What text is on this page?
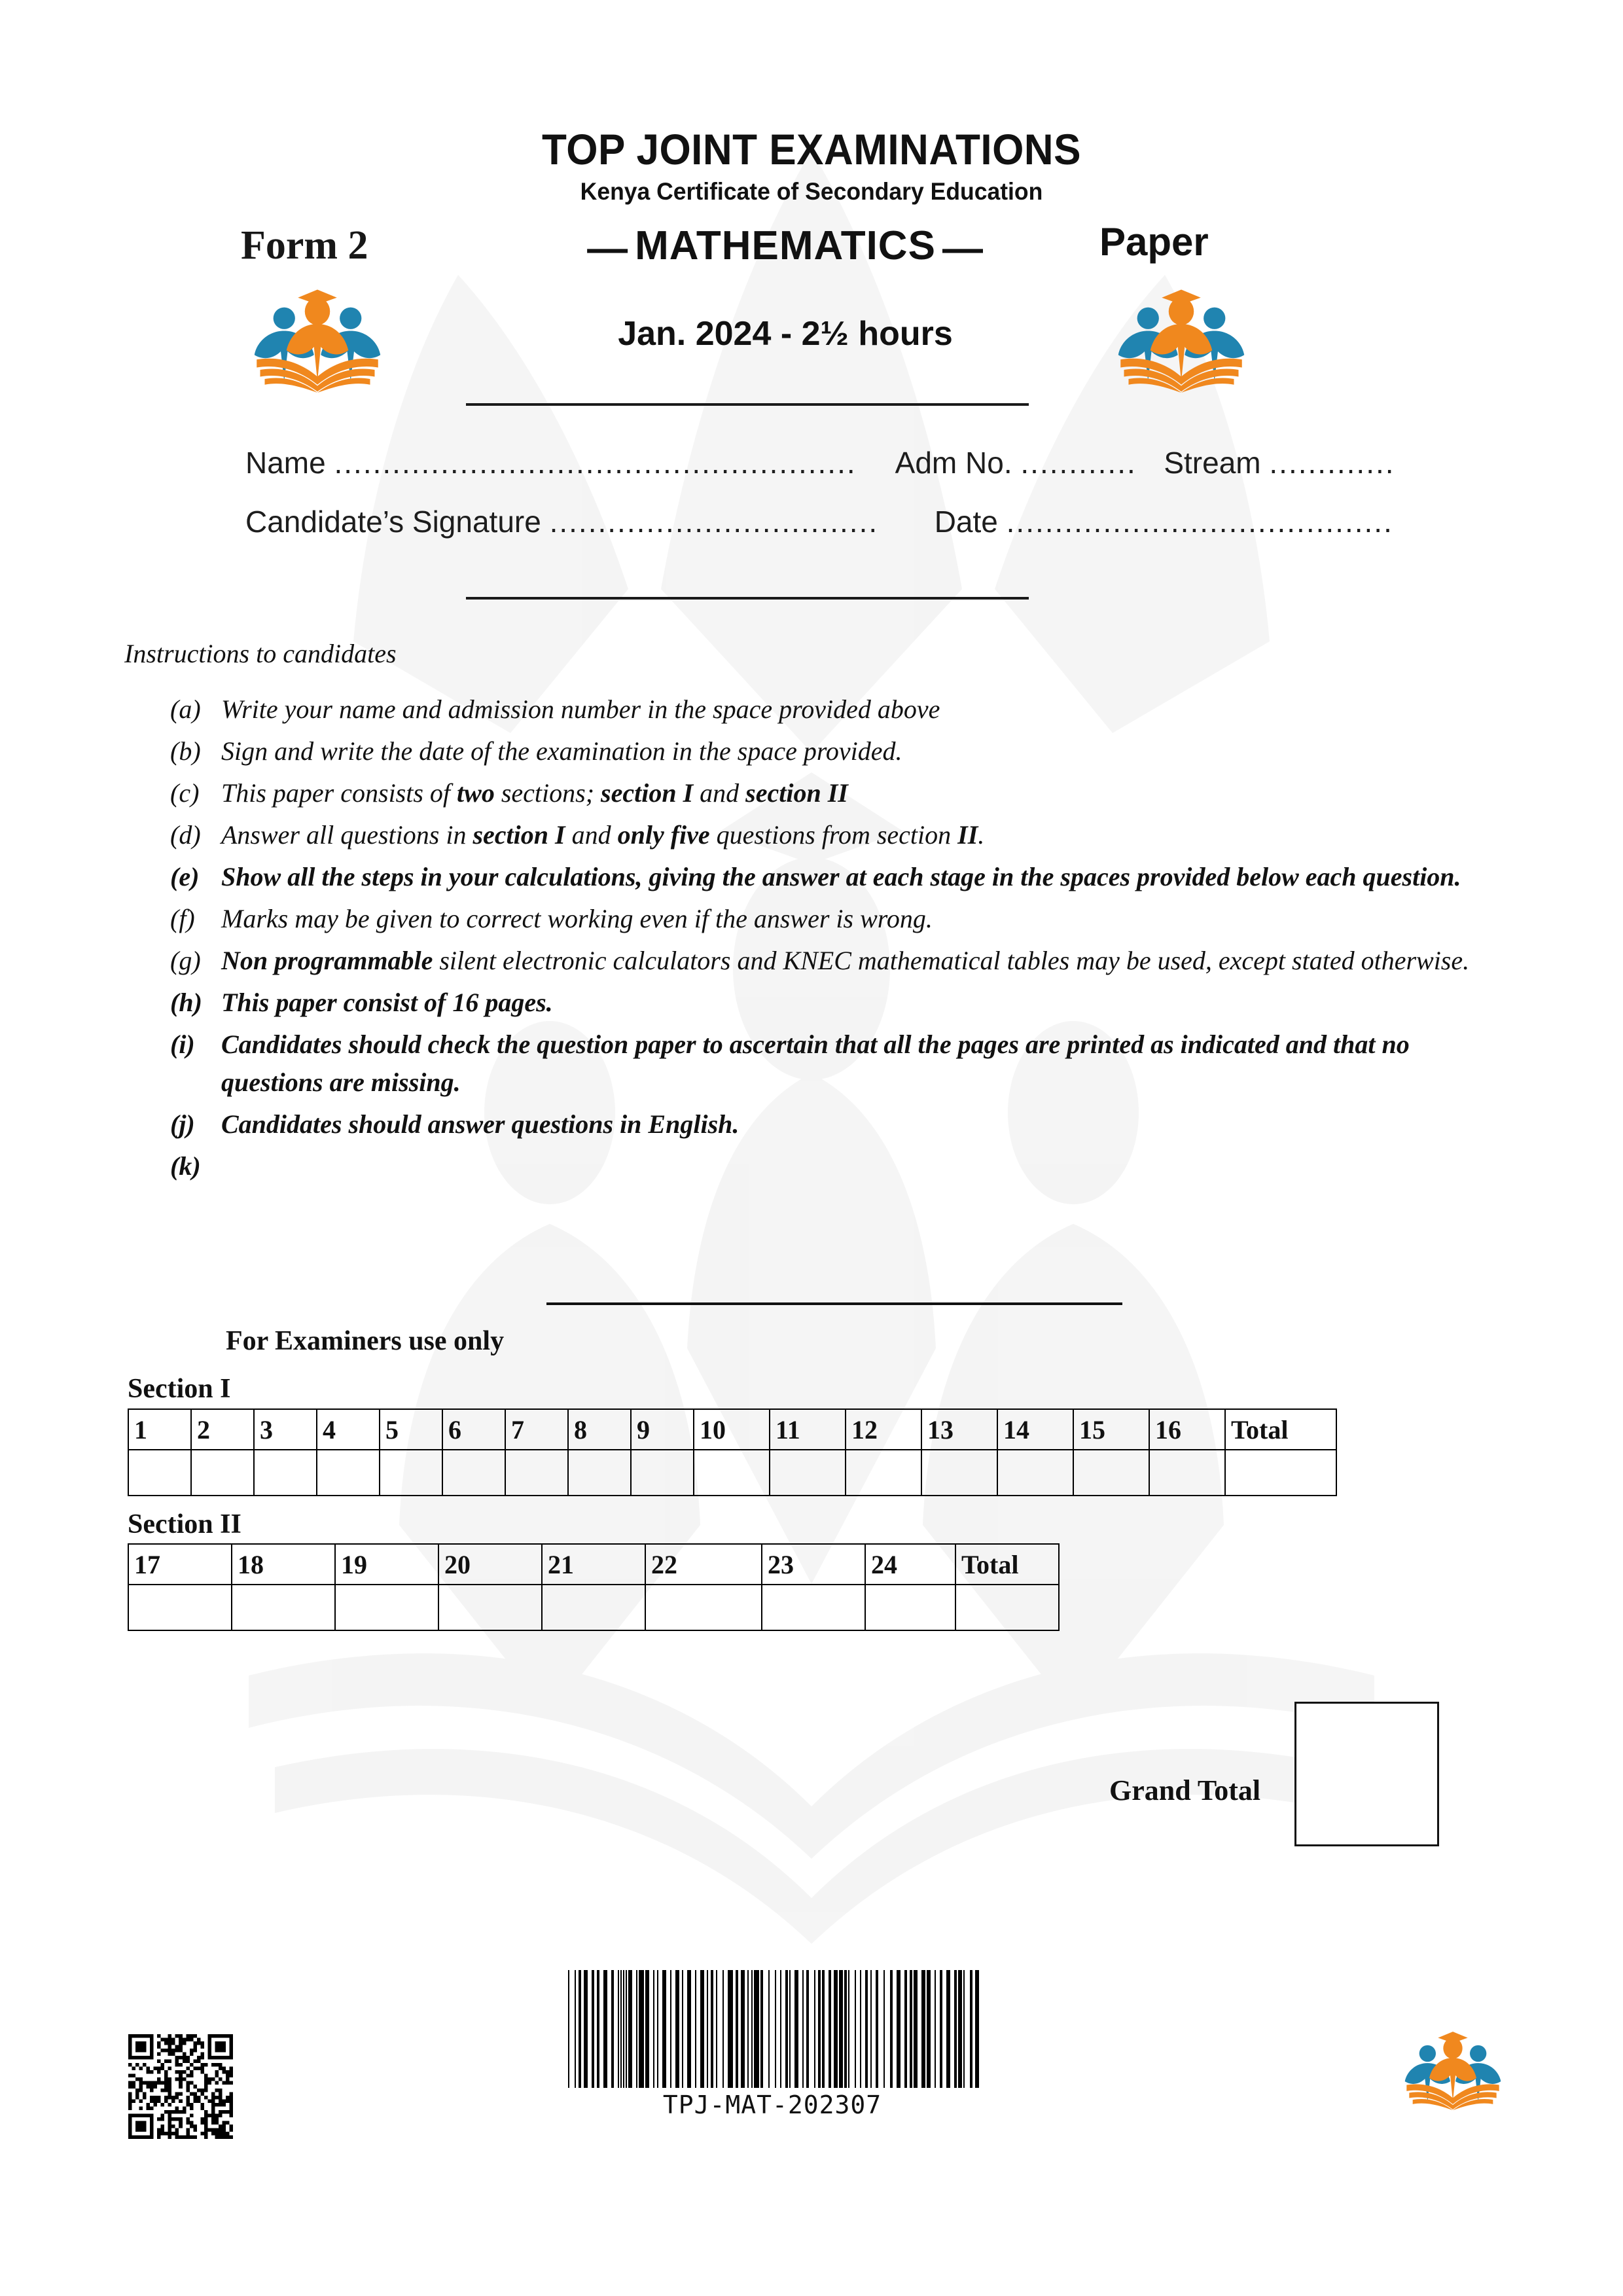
TOP JOINT EXAMINATIONS
Kenya Certificate of Secondary Education
Form 2	— MATHEMATICS —	Paper
Jan. 2024 - 2½ hours
Name ...................................................... Adm No. ............ Stream .............
Candidate’s Signature .................................. Date ........................................
Instructions to candidates
(a) Write your name and admission number in the space provided above
(b) Sign and write the date of the examination in the space provided.
(c) This paper consists of two sections; section I and section II
(d) Answer all questions in section I and only five questions from section II.
(e) Show all the steps in your calculations, giving the answer at each stage in the spaces provided below each question.
(f)	Marks may be given to correct working even if the answer is wrong.
(g) Non programmable silent electronic calculators and KNEC mathematical tables may be used, except stated otherwise.
(h) This paper consist of 16 pages.
(i)	Candidates should check the question paper to ascertain that all the pages are printed as indicated and that no questions are missing.
(j)	Candidates should answer questions in English.
(k)
For Examiners use only
Section I
1	2	3	4	5	6	7	8	9	10	11	12	13	14	15	16	Total

Section II
17	18	19	20	21	22	23	24	Total

Grand Total
TPJ-MAT-202307
